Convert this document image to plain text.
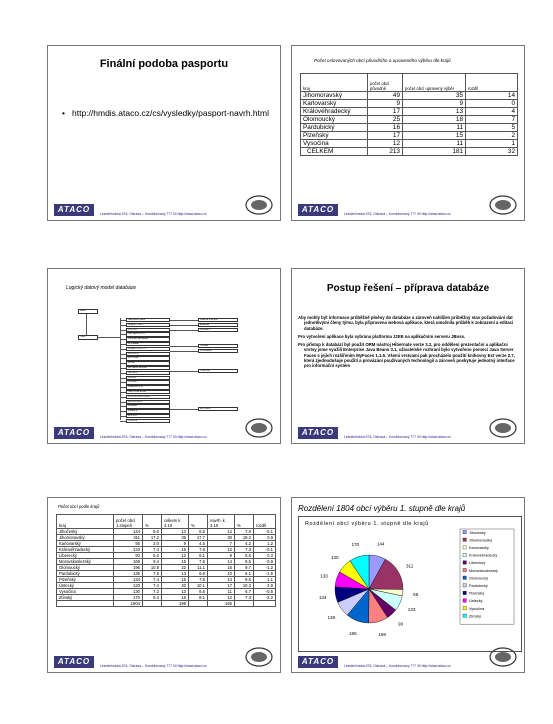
Finální podoba pasportu
• http://hmdis.ataco.cz/cs/vysledky/pasport-navrh.html
ATACO	Lesnitehnická 576, Ostrava – Kombinovaný 777 00 http://www.ataco.cz
Počet oslovovaných obcí původního a upraveného výběru dle krajů
kraj	počet obcí původně	počet obcí upravený výběr	rozdíl
Jihomoravský	49	35	14
Karlovarský	9	9	0
Královéhradecký	17	13	4
Olomoucký	25	18	7
Pardubický	16	11	5
Plzeňský	17	15	2
Vysočina	12	11	1
CELKEM	213	181	32
ATACO	Lesnitehnická 576, Ostrava – Kombinovaný 777 00 http://www.ataco.cz
Logický datový model databáze
KRAJ
OBEC
ZÁKLADNÍ DATA
ÚDAJE O OBCI
PLOCHY
OBYVATELSTVO
TECHNICKÁ INFRA
DOPRAVA
ZDRAVOTNICTVÍ
ŠKOLSTVÍ
KULTURA
SPORT
SOCIÁLNÍ SLUŽBY
OBCHOD
SLUŽBY
PODNIKY
ZEMĚDĚLSTVÍ
CESTOVNÍ RUCH
ŽIVOTNÍ PROSTŘEDÍ
BEZPEČNOST
SPRÁVA
FINANCE
ROZVOJ
OSTATNÍ
PRÁVNÍ SUBJEKT
ADRESA
KONTAKT
OSOBA
DOKUMENT
ČÍSELNÍK
HISTORIE
ATACO	Lesnitehnická 576, Ostrava – Kombinovaný 777 00 http://www.ataco.cz
Postup řešení – příprava databáze

Aby mohly být informace průběžně plněny do databáze a zároveň nahlížen průběžný stav požadování dat jednotlivými členy týmu, byla připravena webová aplikace, která umožnila průběh k zobrazení a editaci databáze.

Pro vytvoření aplikace byla vybrána platforma J2EE na aplikačním serveru JBoss.

Pro přístup k databázi byl použit ORM nástroj Hibernate verze 3.2, pro oddělení prezentační a aplikační vrstvy jsme využili Enterprise Java Beans 3.1, uživatelské rozhraní bylo vytvořeno pomocí Java Server Faces s jejich rozšířením MyFaces 1.1.5. Všemi vrstvami pak procházelo použití knihovny Ext verze 2.7, která zjednodušuje použití a provázání používaných technologií a zároveň poskytuje jednotný interface pro informační systém

ATACO	Lesnitehnická 576, Ostrava – Kombinovaný 777 00 http://www.ataco.cz
Počet obcí podle krajů
kraj	počet obcí 1.stupeň	%	celkem k 3.10	%	navrh. k 3.10	%	rozdíl
Jihočeský	144	8.0	13	6.6	12	7.9	-0.1
Jihomoravský	311	17.2	35	17.7	30	18.2	0.9
Karlovarský	55	3.0	9	4.5	7	4.2	1.2
Královéhradecký	133	7.4	15	7.6	12	7.3	-0.1
Liberecký	93	5.2	12	6.1	9	5.5	0.3
Moravskoslezský	169	9.4	15	7.6	14	8.5	-0.9
Olomoucký	196	10.9	22	11.1	16	9.7	-1.2
Pardubický	136	7.5	13	6.6	10	6.1	-1.5
Plzeňský	134	7.4	15	7.6	14	8.5	1.1
Ústecký	133	7.4	20	10.1	17	10.3	2.9
Vysočina	130	7.2	13	6.6	11	6.7	-0.5
Zlínský	170	9.4	16	8.1	12	7.3	-2.2
	1804		198		165		
ATACO	Lesnitehnická 576, Ostrava – Kombinovaný 777 00 http://www.ataco.cz
Rozdělení 1804 obcí výběru 1. stupně dle krajů
Rozdělení obcí výběru 1. stupně dle krajů
144
311
55
133
93
169
196
136
134
133
130
170
Jihočeský
Jihomoravský
Karlovarský
Královéhradecký
Liberecký
Moravskoslezský
Olomoucký
Pardubický
Plzeňský
Ústecký
Vysočina
Zlínský
ATACO	Lesnitehnická 576, Ostrava – Kombinovaný 777 00 http://www.ataco.cz
